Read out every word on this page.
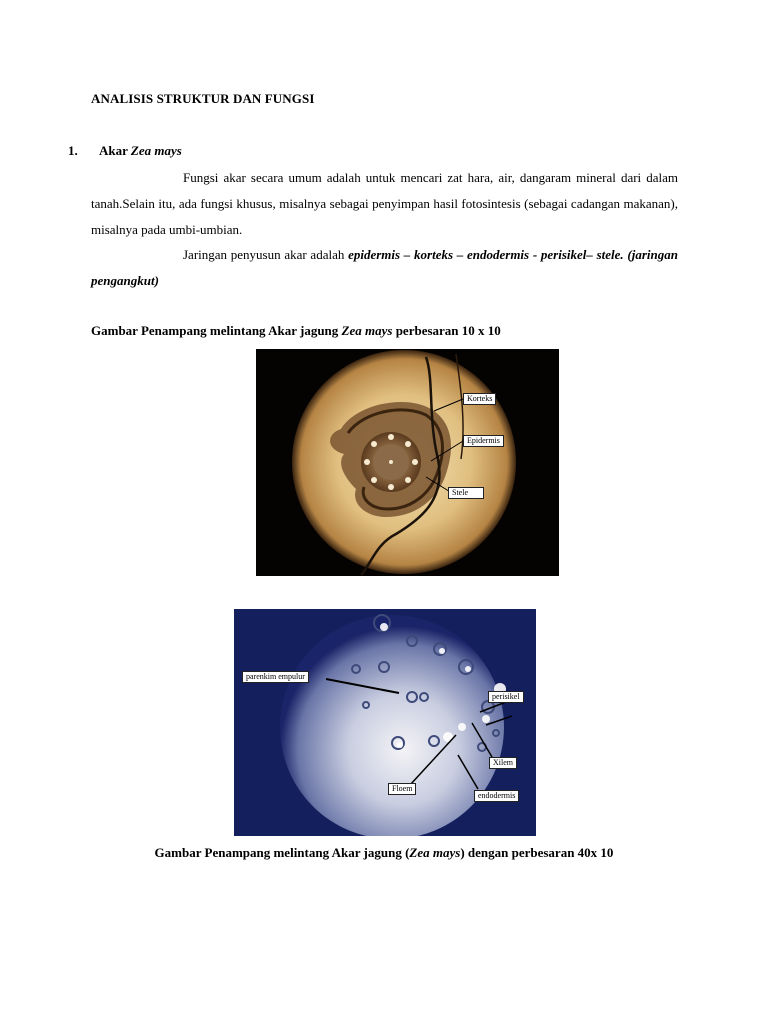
ANALISIS STRUKTUR DAN FUNGSI
1. Akar Zea mays
Fungsi akar secara umum adalah untuk mencari zat hara, air, dangaram mineral dari dalam tanah.Selain itu, ada fungsi khusus, misalnya sebagai penyimpan hasil fotosintesis (sebagai cadangan makanan), misalnya pada umbi-umbian.
Jaringan penyusun akar adalah epidermis – korteks – endodermis - perisikel– stele. (jaringan pengangkut)
Gambar Penampang melintang Akar jagung Zea mays perbesaran 10 x 10
Korteks
Epidermis
Stele
parenkim empulur
perisikel
Xilem
Floem
endodermis
Gambar Penampang melintang Akar jagung (Zea mays) dengan perbesaran 40x 10
